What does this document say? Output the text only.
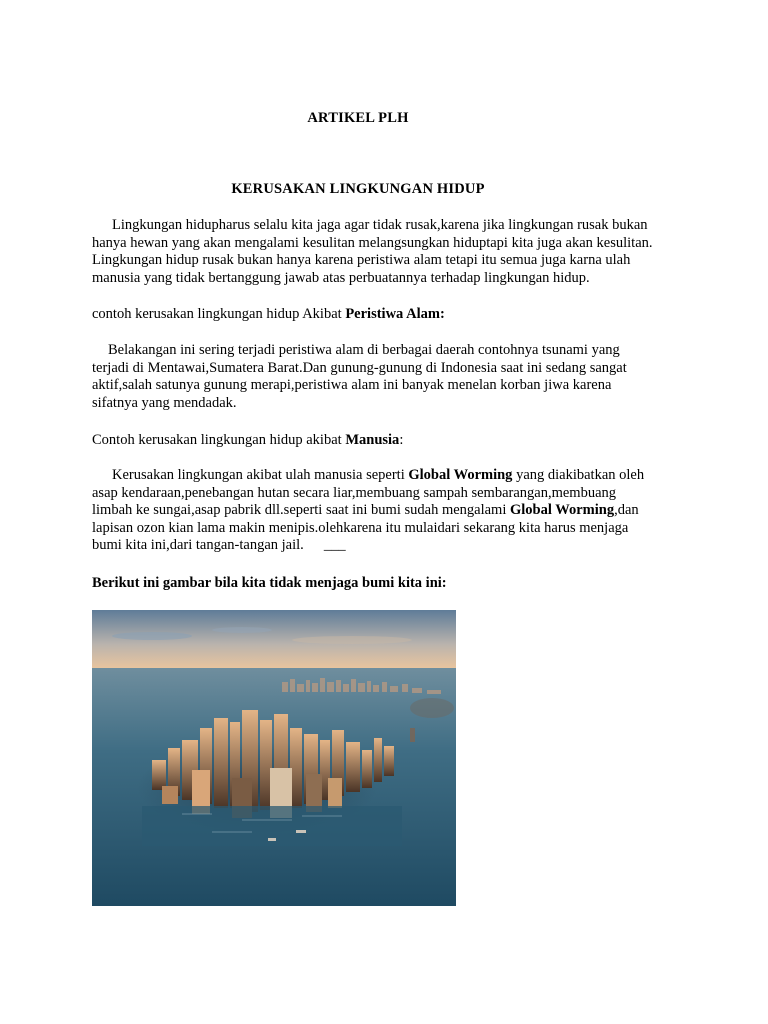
ARTIKEL PLH
KERUSAKAN LINGKUNGAN HIDUP
Lingkungan hidupharus selalu kita jaga agar tidak rusak,karena jika lingkungan rusak bukan
hanya hewan yang akan mengalami kesulitan melangsungkan hiduptapi kita juga akan kesulitan.
Lingkungan hidup rusak bukan hanya karena peristiwa alam tetapi itu semua juga karna ulah
manusia yang tidak bertanggung jawab atas perbuatannya terhadap lingkungan hidup.
contoh kerusakan lingkungan hidup Akibat Peristiwa Alam:
Belakangan ini sering terjadi peristiwa alam di berbagai daerah contohnya tsunami yang
terjadi di Mentawai,Sumatera Barat.Dan gunung-gunung di Indonesia saat ini sedang sangat
aktif,salah satunya gunung merapi,peristiwa alam ini banyak menelan korban jiwa karena
sifatnya yang mendadak.
Contoh kerusakan lingkungan hidup akibat Manusia:
Kerusakan lingkungan akibat ulah manusia seperti Global Worming yang diakibatkan oleh
asap kendaraan,penebangan hutan secara liar,membuang sampah sembarangan,membuang
limbah ke sungai,asap pabrik dll.seperti saat ini bumi sudah mengalami Global Worming,dan
lapisan ozon kian lama makin menipis.olehkarena itu mulaidari sekarang kita harus menjaga
bumi kita ini,dari tangan-tangan jail. ___
Berikut ini gambar bila kita tidak menjaga bumi kita ini:
